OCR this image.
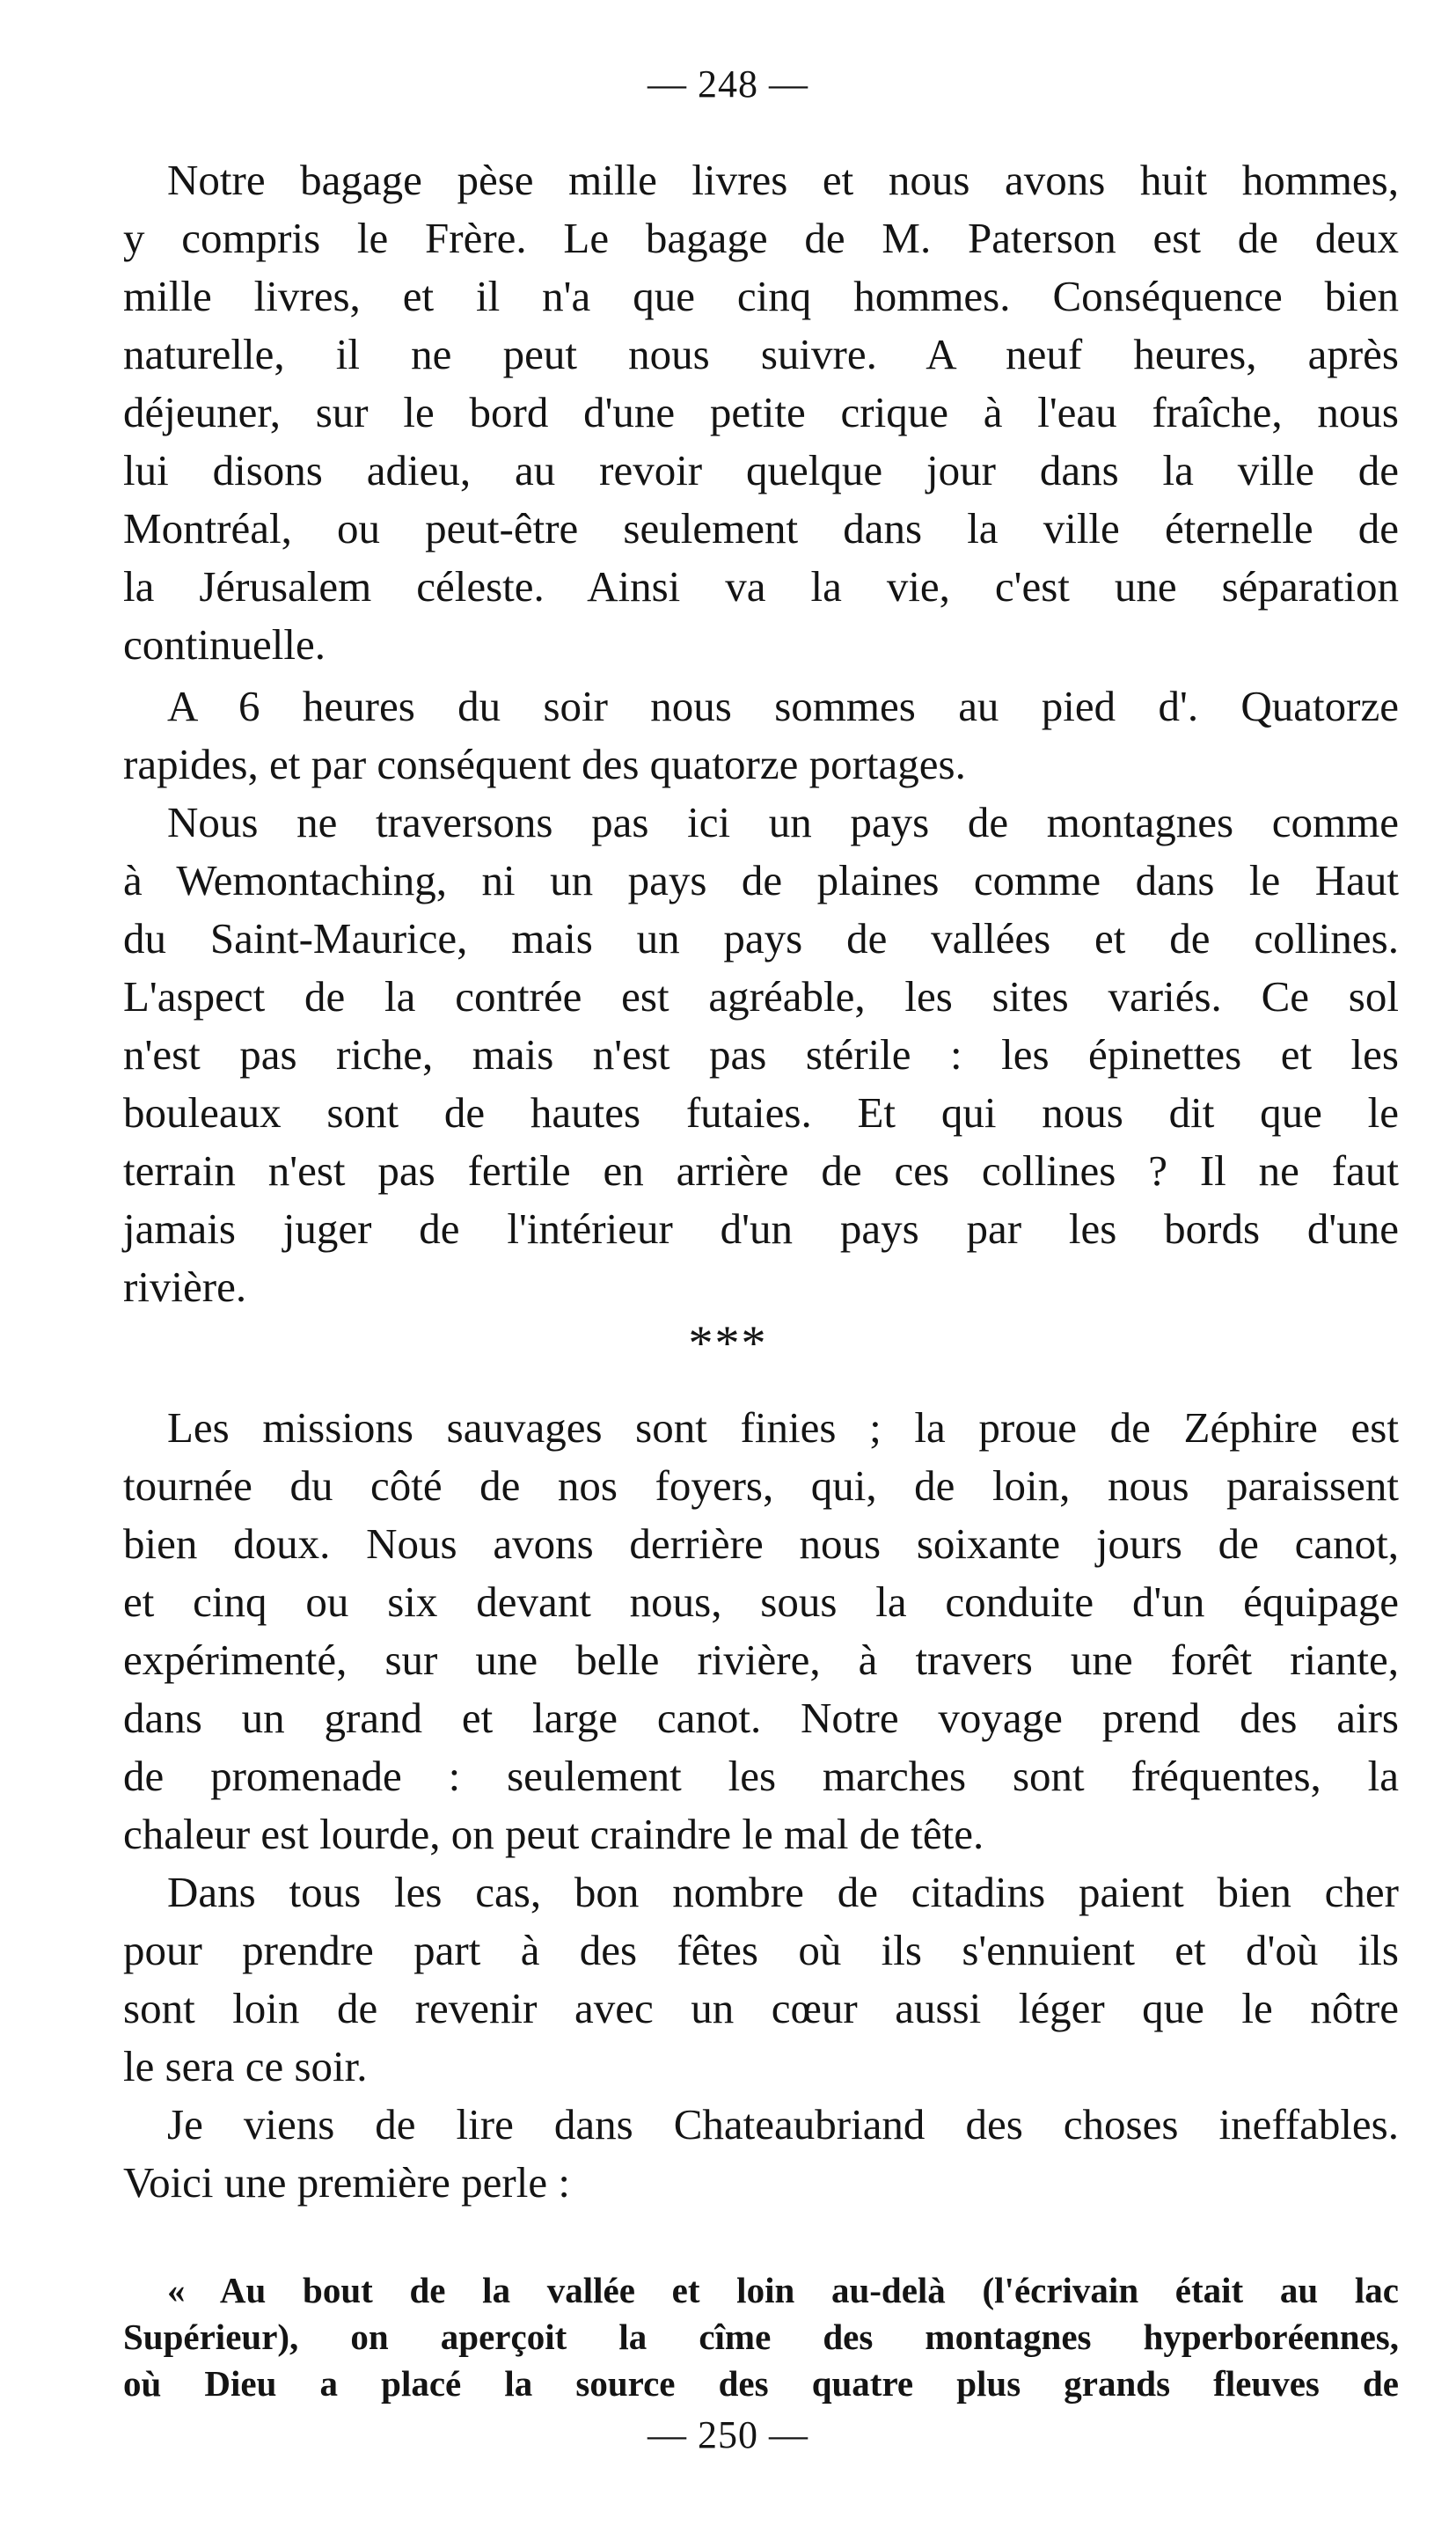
— 248 —
Notre bagage pèse mille livres et nous avons huit hommes,
y compris le Frère. Le bagage de M. Paterson est de deux
mille livres, et il n'a que cinq hommes. Conséquence bien
naturelle, il ne peut nous suivre. A neuf heures, après
déjeuner, sur le bord d'une petite crique à l'eau fraîche, nous
lui disons adieu, au revoir quelque jour dans la ville de
Montréal, ou peut-être seulement dans la ville éternelle de
la Jérusalem céleste. Ainsi va la vie, c'est une séparation
continuelle.
A 6 heures du soir nous sommes au pied d'. Quatorze
rapides, et par conséquent des quatorze portages.
Nous ne traversons pas ici un pays de montagnes comme
à Wemontaching, ni un pays de plaines comme dans le Haut
du Saint-Maurice, mais un pays de vallées et de collines.
L'aspect de la contrée est agréable, les sites variés. Ce sol
n'est pas riche, mais n'est pas stérile : les épinettes et les
bouleaux sont de hautes futaies. Et qui nous dit que le
terrain n'est pas fertile en arrière de ces collines ? Il ne faut
jamais juger de l'intérieur d'un pays par les bords d'une
rivière.
***
Les missions sauvages sont finies ; la proue de Zéphire est
tournée du côté de nos foyers, qui, de loin, nous paraissent
bien doux. Nous avons derrière nous soixante jours de canot,
et cinq ou six devant nous, sous la conduite d'un équipage
expérimenté, sur une belle rivière, à travers une forêt riante,
dans un grand et large canot. Notre voyage prend des airs
de promenade : seulement les marches sont fréquentes, la
chaleur est lourde, on peut craindre le mal de tête.
Dans tous les cas, bon nombre de citadins paient bien cher
pour prendre part à des fêtes où ils s'ennuient et d'où ils
sont loin de revenir avec un cœur aussi léger que le nôtre
le sera ce soir.
Je viens de lire dans Chateaubriand des choses ineffables.
Voici une première perle :
« Au bout de la vallée et loin au-delà (l'écrivain était au lac
Supérieur), on aperçoit la cîme des montagnes hyperboréennes,
où Dieu a placé la source des quatre plus grands fleuves de
— 250 —
